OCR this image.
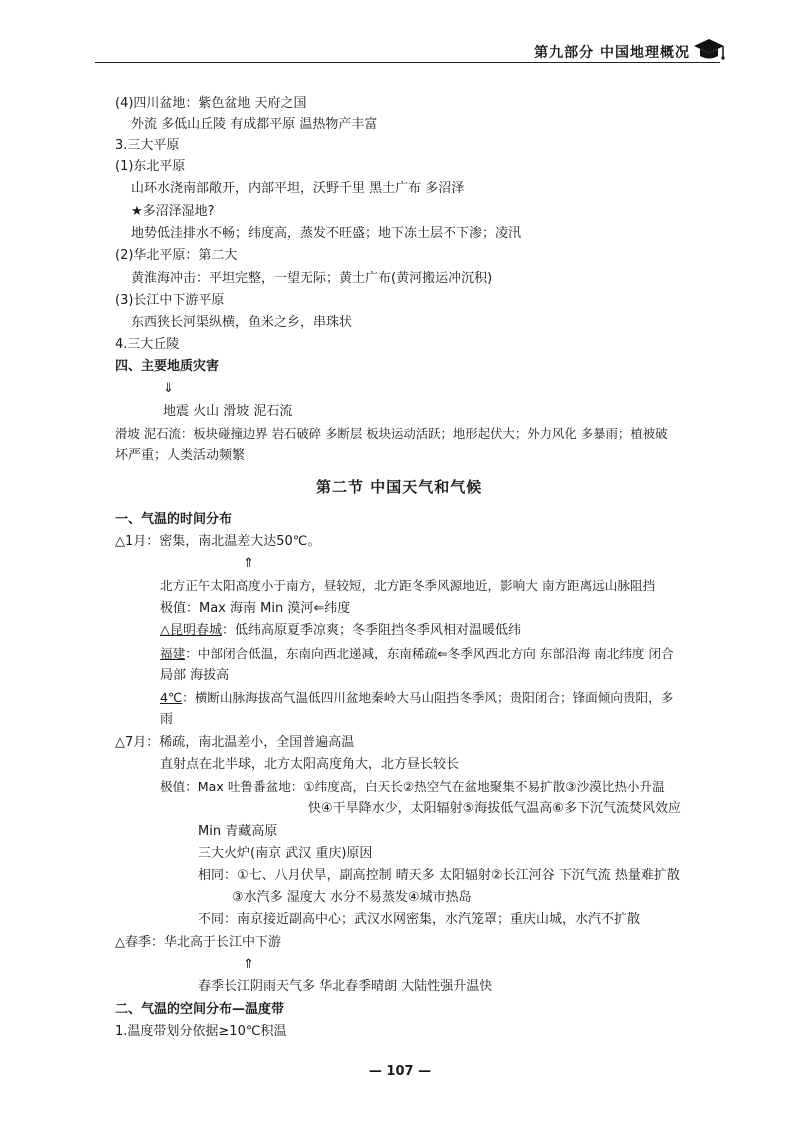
第九部分 中国地理概况
(4)四川盆地：紫色盆地 天府之国
外流 多低山丘陵 有成都平原 温热物产丰富
3.三大平原
(1)东北平原
山环水浇南部敞开，内部平坦，沃野千里 黑土广布 多沼泽
★多沼泽湿地?
地势低洼排水不畅；纬度高，蒸发不旺盛；地下冻土层不下渗；凌汛
(2)华北平原：第二大
黄淮海冲击：平坦完整，一望无际；黄土广布(黄河搬运冲沉积)
(3)长江中下游平原
东西狭长河渠纵横，鱼米之乡，串珠状
4.三大丘陵
四、主要地质灾害
⇓
地震 火山 滑坡 泥石流
滑坡 泥石流：板块碰撞边界 岩石破碎 多断层 板块运动活跃；地形起伏大；外力风化 多暴雨；植被破
坏严重；人类活动频繁
第二节 中国天气和气候
一、气温的时间分布
△1月：密集，南北温差大达50℃。
⇑
北方正午太阳高度小于南方，昼较短，北方距冬季风源地近，影响大 南方距离远山脉阻挡
极值：Max 海南 Min 漠河⇐纬度
△昆明春城：低纬高原夏季凉爽；冬季阻挡冬季风相对温暖低纬
福建：中部闭合低温，东南向西北递减，东南稀疏⇐冬季风西北方向 东部沿海 南北纬度 闭合
局部 海拔高
4℃：横断山脉海拔高气温低四川盆地秦岭大马山阻挡冬季风；贵阳闭合；锋面倾向贵阳，多
雨
△7月：稀疏，南北温差小，全国普遍高温
直射点在北半球，北方太阳高度角大，北方昼长较长
极值：Max 吐鲁番盆地：①纬度高，白天长②热空气在盆地聚集不易扩散③沙漠比热小升温
快④干旱降水少，太阳辐射⑤海拔低气温高⑥多下沉气流焚风效应
Min 青藏高原
三大火炉(南京 武汉 重庆)原因
相同：①七、八月伏旱，副高控制 晴天多 太阳辐射②长江河谷 下沉气流 热量难扩散
③水汽多 湿度大 水分不易蒸发④城市热岛
不同：南京接近副高中心；武汉水网密集，水汽笼罩；重庆山城，水汽不扩散
△春季：华北高于长江中下游
⇑
春季长江阴雨天气多 华北春季晴朗 大陆性强升温快
二、气温的空间分布—温度带
1.温度带划分依据≥10℃积温
— 107 —
